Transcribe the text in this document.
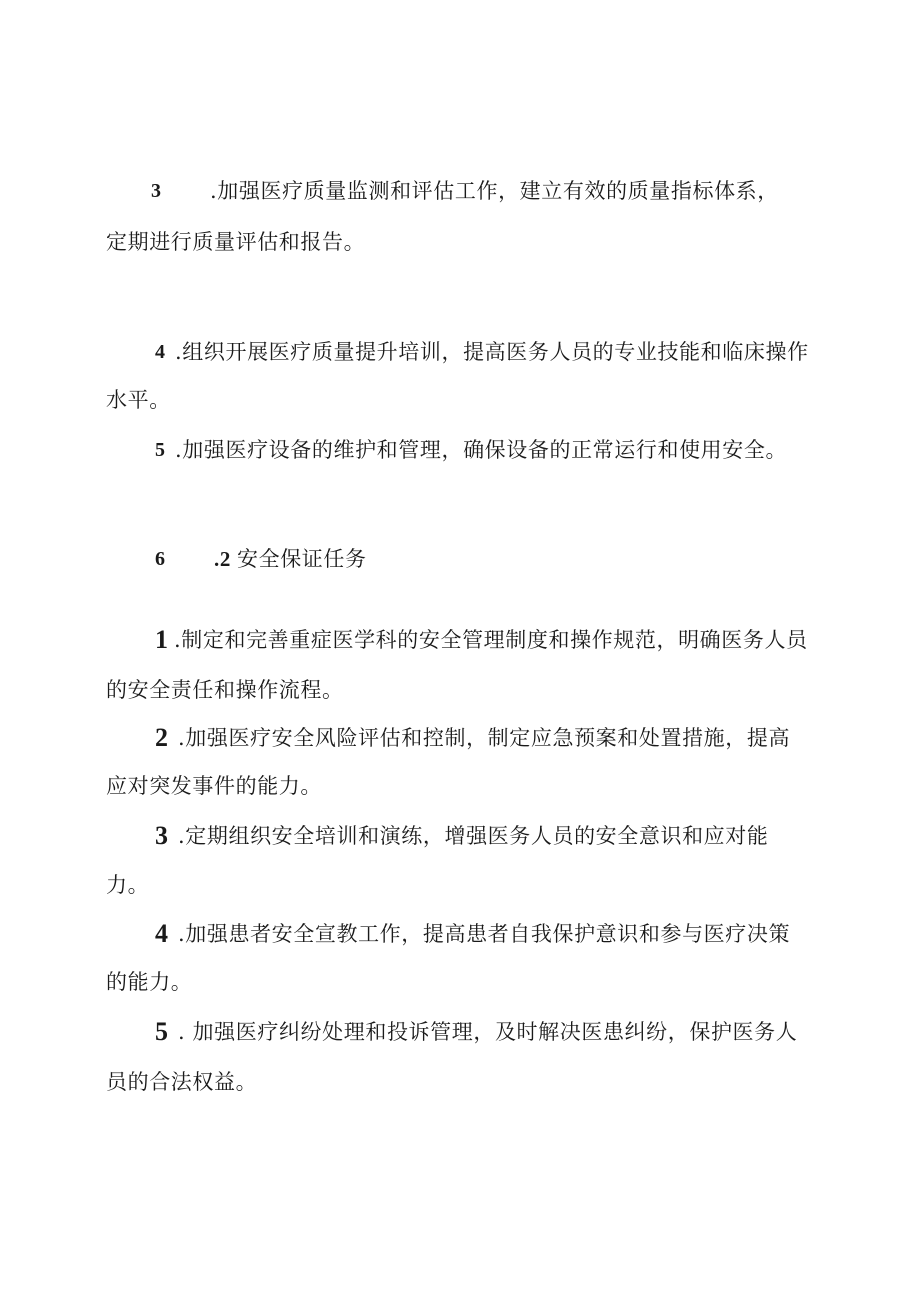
3 .加强医疗质量监测和评估工作，建立有效的质量指标体系，
定期进行质量评估和报告。
4 .组织开展医疗质量提升培训，提高医务人员的专业技能和临床操作
水平。
5 .加强医疗设备的维护和管理，确保设备的正常运行和使用安全。
6 .2 安全保证任务
1 .制定和完善重症医学科的安全管理制度和操作规范，明确医务人员
的安全责任和操作流程。
2 .加强医疗安全风险评估和控制，制定应急预案和处置措施，提高
应对突发事件的能力。
3 .定期组织安全培训和演练，增强医务人员的安全意识和应对能
力。
4 .加强患者安全宣教工作，提高患者自我保护意识和参与医疗决策
的能力。
5 . 加强医疗纠纷处理和投诉管理，及时解决医患纠纷，保护医务人
员的合法权益。
